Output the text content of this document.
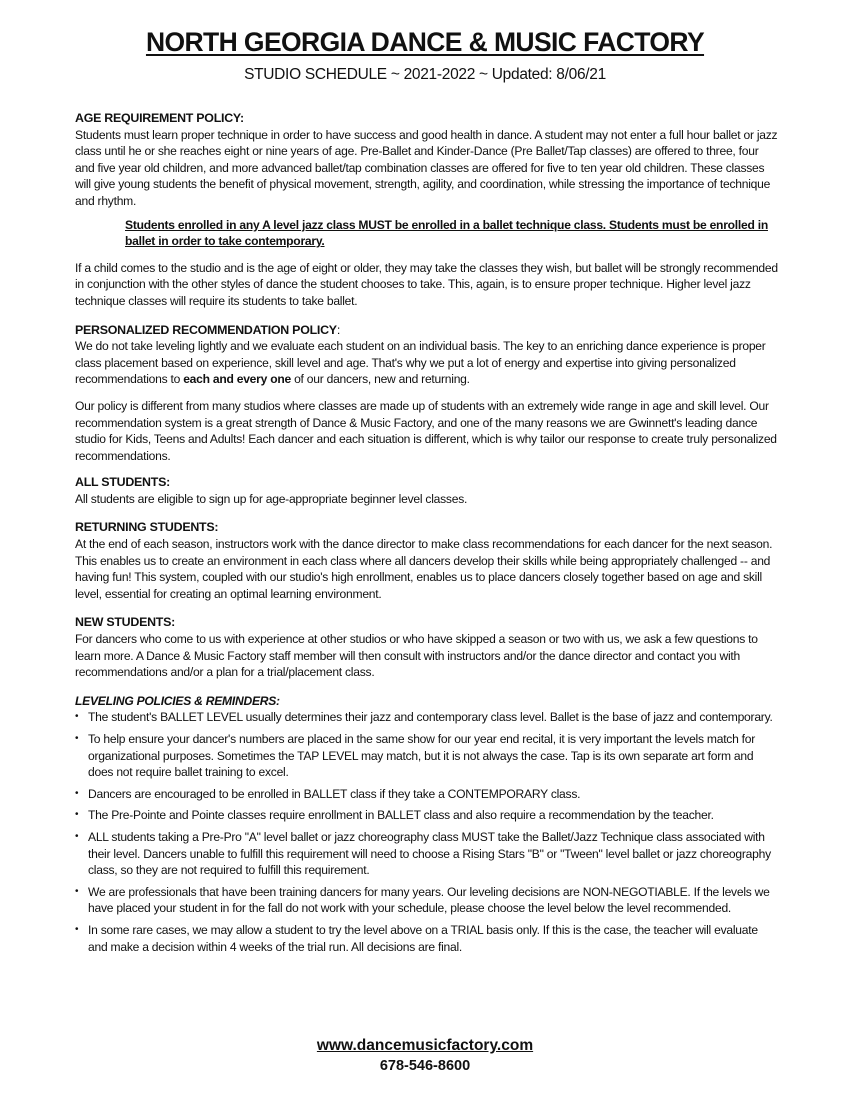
NORTH GEORGIA DANCE & MUSIC FACTORY
STUDIO SCHEDULE ~ 2021-2022 ~ Updated: 8/06/21
AGE REQUIREMENT POLICY:

Students must learn proper technique in order to have success and good health in dance. A student may not enter a full hour ballet or jazz class until he or she reaches eight or nine years of age. Pre-Ballet and Kinder-Dance (Pre Ballet/Tap classes) are offered to three, four and five year old children, and more advanced ballet/tap combination classes are offered for five to ten year old children. These classes will give young students the benefit of physical movement, strength, agility, and coordination, while stressing the importance of technique and rhythm.

Students enrolled in any A level jazz class MUST be enrolled in a ballet technique class. Students must be enrolled in ballet in order to take contemporary.

If a child comes to the studio and is the age of eight or older, they may take the classes they wish, but ballet will be strongly recommended in conjunction with the other styles of dance the student chooses to take. This, again, is to ensure proper technique. Higher level jazz technique classes will require its students to take ballet.

PERSONALIZED RECOMMENDATION POLICY:

We do not take leveling lightly and we evaluate each student on an individual basis. The key to an enriching dance experience is proper class placement based on experience, skill level and age. That's why we put a lot of energy and expertise into giving personalized recommendations to each and every one of our dancers, new and returning.

Our policy is different from many studios where classes are made up of students with an extremely wide range in age and skill level. Our recommendation system is a great strength of Dance & Music Factory, and one of the many reasons we are Gwinnett's leading dance studio for Kids, Teens and Adults! Each dancer and each situation is different, which is why tailor our response to create truly personalized recommendations.

ALL STUDENTS:

All students are eligible to sign up for age-appropriate beginner level classes.

RETURNING STUDENTS:

At the end of each season, instructors work with the dance director to make class recommendations for each dancer for the next season. This enables us to create an environment in each class where all dancers develop their skills while being appropriately challenged -- and having fun! This system, coupled with our studio's high enrollment, enables us to place dancers closely together based on age and skill level, essential for creating an optimal learning environment.

NEW STUDENTS:

For dancers who come to us with experience at other studios or who have skipped a season or two with us, we ask a few questions to learn more. A Dance & Music Factory staff member will then consult with instructors and/or the dance director and contact you with recommendations and/or a plan for a trial/placement class.

LEVELING POLICIES & REMINDERS:
• The student's BALLET LEVEL usually determines their jazz and contemporary class level. Ballet is the base of jazz and contemporary.
• To help ensure your dancer's numbers are placed in the same show for our year end recital, it is very important the levels match for organizational purposes. Sometimes the TAP LEVEL may match, but it is not always the case. Tap is its own separate art form and does not require ballet training to excel.
• Dancers are encouraged to be enrolled in BALLET class if they take a CONTEMPORARY class.
• The Pre-Pointe and Pointe classes require enrollment in BALLET class and also require a recommendation by the teacher.
• ALL students taking a Pre-Pro "A" level ballet or jazz choreography class MUST take the Ballet/Jazz Technique class associated with their level. Dancers unable to fulfill this requirement will need to choose a Rising Stars "B" or "Tween" level ballet or jazz choreography class, so they are not required to fulfill this requirement.
• We are professionals that have been training dancers for many years. Our leveling decisions are NON-NEGOTIABLE. If the levels we have placed your student in for the fall do not work with your schedule, please choose the level below the level recommended.
• In some rare cases, we may allow a student to try the level above on a TRIAL basis only. If this is the case, the teacher will evaluate and make a decision within 4 weeks of the trial run. All decisions are final.
www.dancemusicfactory.com
678-546-8600
